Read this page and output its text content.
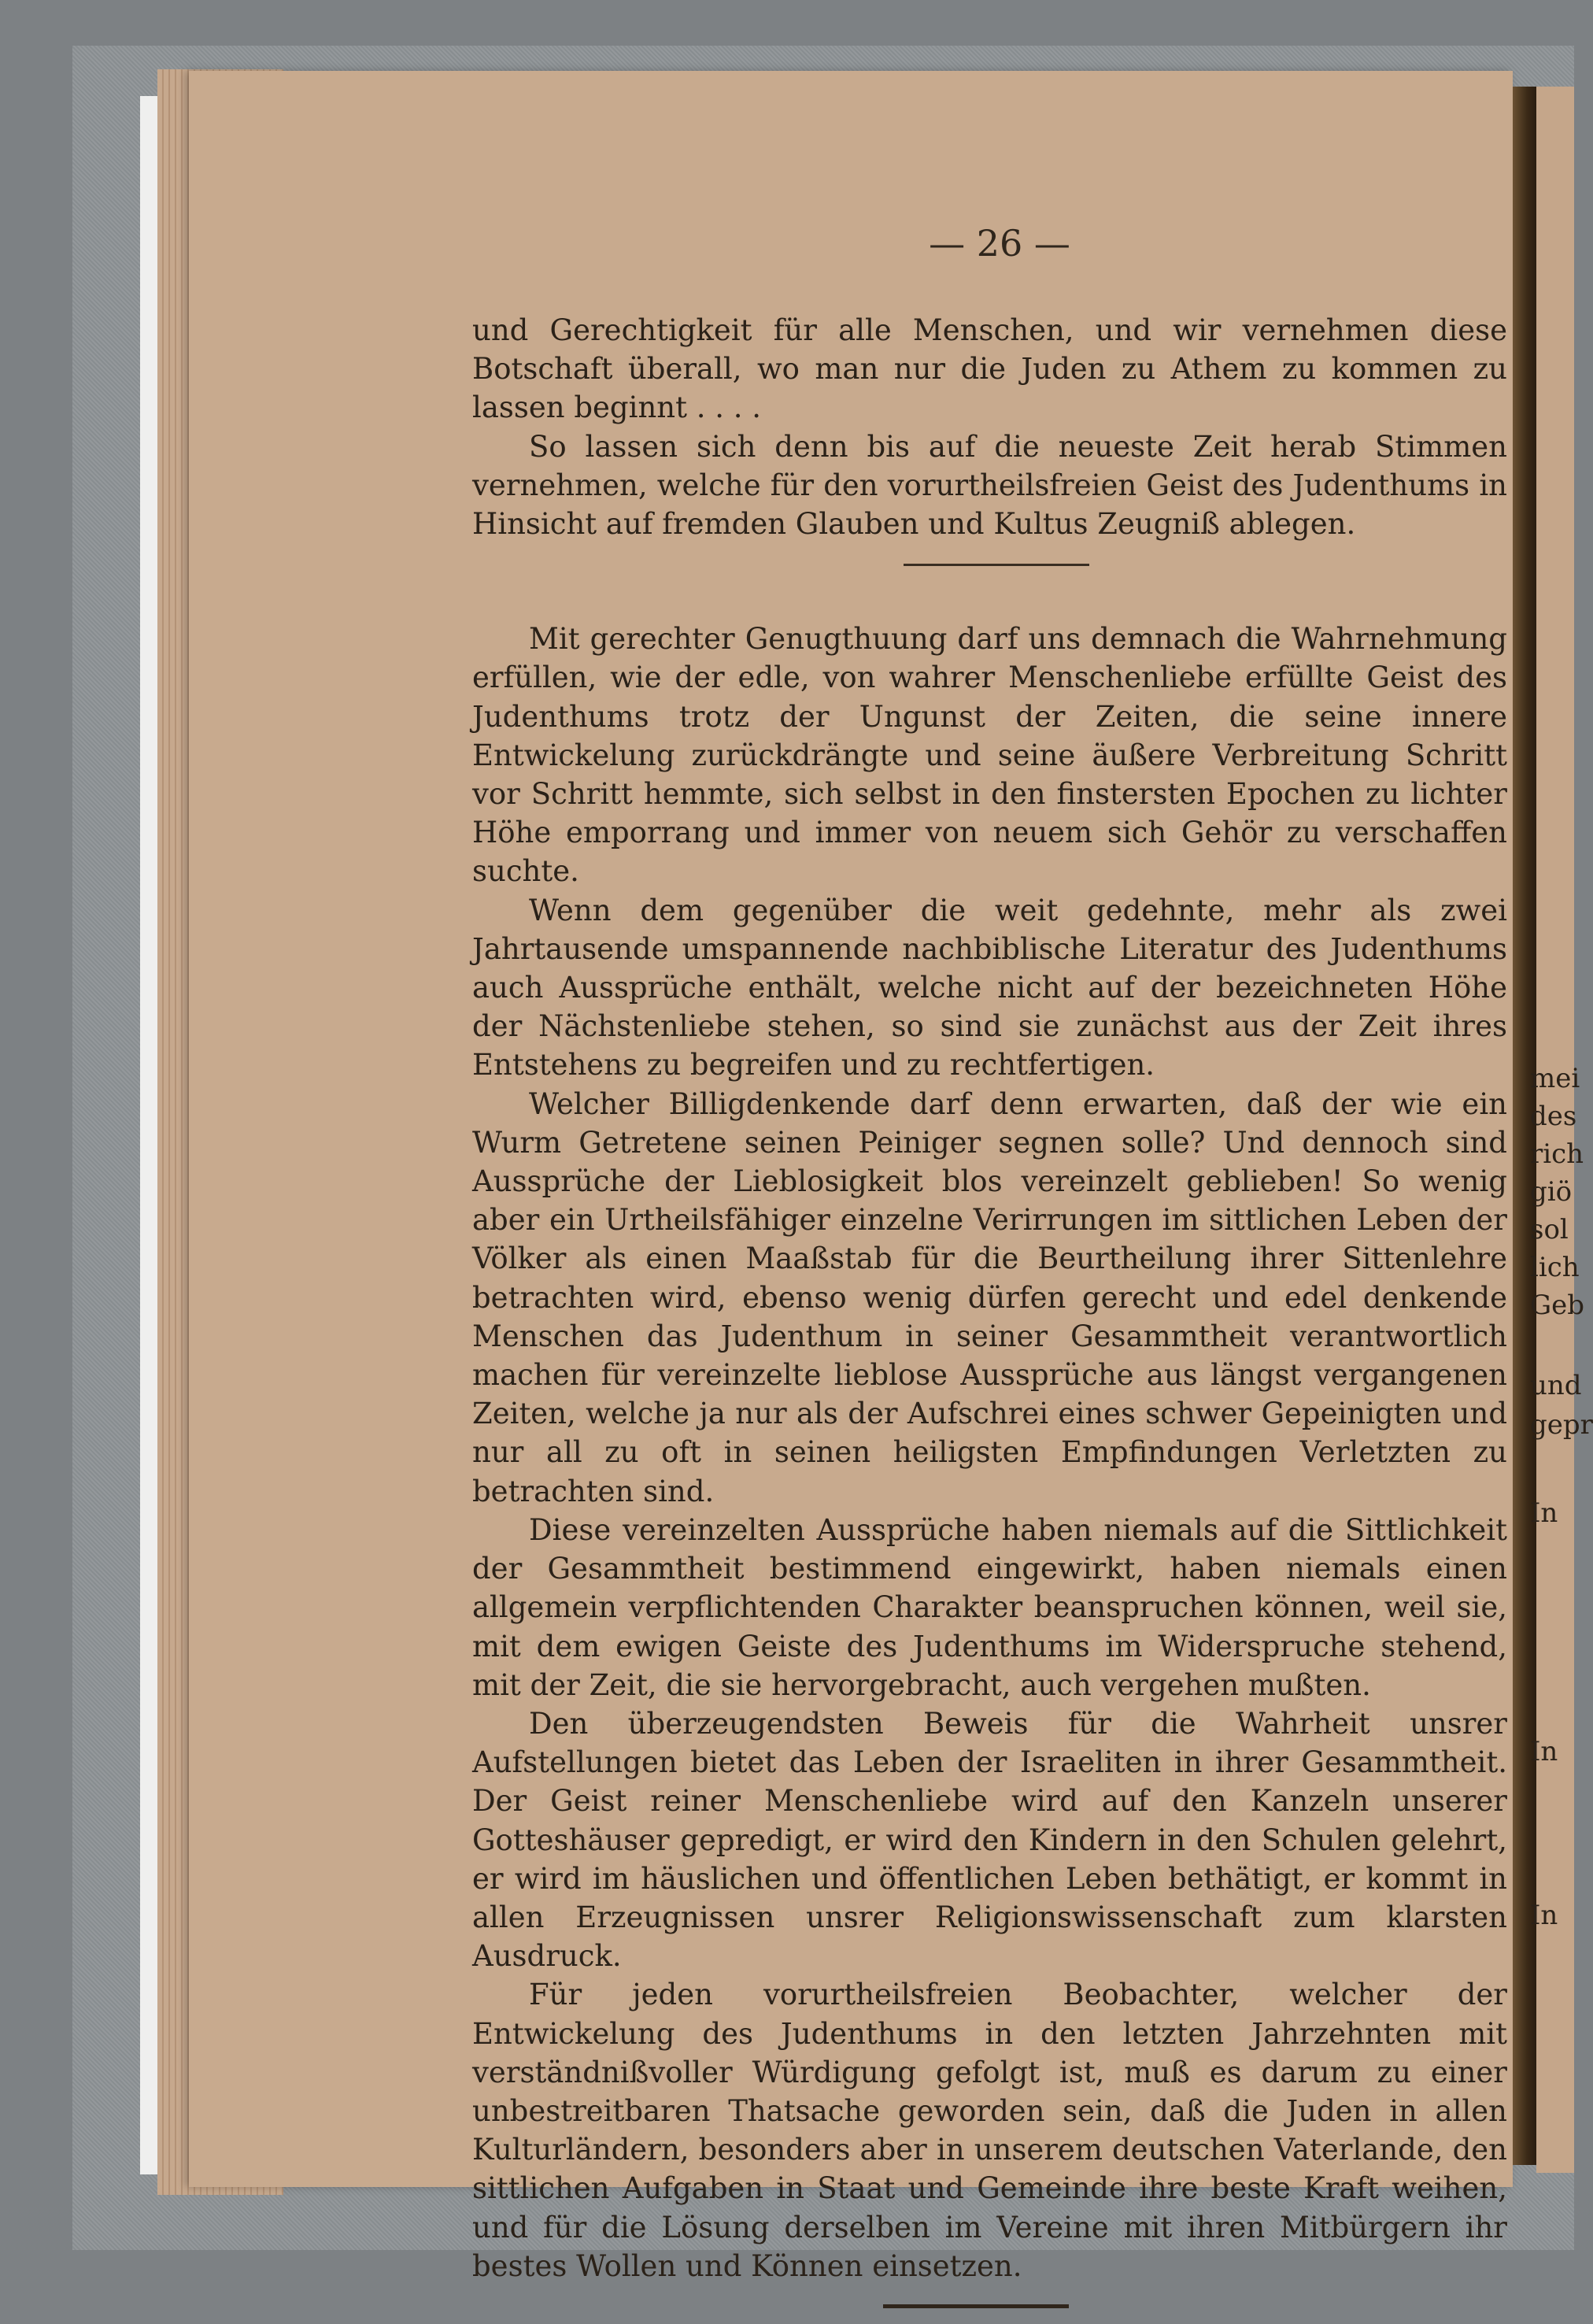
— 26 —

und Gerechtigkeit für alle Menschen, und wir vernehmen diese Botschaft überall, wo man nur die Juden zu Athem zu kommen zu lassen beginnt . . . .

So lassen sich denn bis auf die neueste Zeit herab Stimmen vernehmen, welche für den vorurtheilsfreien Geist des Judenthums in Hinsicht auf fremden Glauben und Kultus Zeugniß ablegen.

Mit gerechter Genugthuung darf uns demnach die Wahrnehmung erfüllen, wie der edle, von wahrer Menschenliebe erfüllte Geist des Judenthums trotz der Ungunst der Zeiten, die seine innere Entwickelung zurückdrängte und seine äußere Verbreitung Schritt vor Schritt hemmte, sich selbst in den finstersten Epochen zu lichter Höhe emporrang und immer von neuem sich Gehör zu verschaffen suchte.

Wenn dem gegenüber die weit gedehnte, mehr als zwei Jahrtausende umspannende nachbiblische Literatur des Judenthums auch Aussprüche enthält, welche nicht auf der bezeichneten Höhe der Nächstenliebe stehen, so sind sie zunächst aus der Zeit ihres Entstehens zu begreifen und zu rechtfertigen.

Welcher Billigdenkende darf denn erwarten, daß der wie ein Wurm Getretene seinen Peiniger segnen solle? Und dennoch sind Aussprüche der Lieblosigkeit blos vereinzelt geblieben! So wenig aber ein Urtheilsfähiger einzelne Verirrungen im sittlichen Leben der Völker als einen Maaßstab für die Beurtheilung ihrer Sittenlehre betrachten wird, ebenso wenig dürfen gerecht und edel denkende Menschen das Judenthum in seiner Gesammtheit verantwortlich machen für vereinzelte lieblose Aussprüche aus längst vergangenen Zeiten, welche ja nur als der Aufschrei eines schwer Gepeinigten und nur all zu oft in seinen heiligsten Empfindungen Verletzten zu betrachten sind.

Diese vereinzelten Aussprüche haben niemals auf die Sittlichkeit der Gesammtheit bestimmend eingewirkt, haben niemals einen allgemein verpflichtenden Charakter beanspruchen können, weil sie, mit dem ewigen Geiste des Judenthums im Widerspruche stehend, mit der Zeit, die sie hervorgebracht, auch vergehen mußten.

Den überzeugendsten Beweis für die Wahrheit unsrer Aufstellungen bietet das Leben der Israeliten in ihrer Gesammtheit. Der Geist reiner Menschenliebe wird auf den Kanzeln unserer Gotteshäuser gepredigt, er wird den Kindern in den Schulen gelehrt, er wird im häuslichen und öffentlichen Leben bethätigt, er kommt in allen Erzeugnissen unsrer Religionswissenschaft zum klarsten Ausdruck.

Für jeden vorurtheilsfreien Beobachter, welcher der Entwickelung des Judenthums in den letzten Jahrzehnten mit verständnißvoller Würdigung gefolgt ist, muß es darum zu einer unbestreitbaren Thatsache geworden sein, daß die Juden in allen Kulturländern, besonders aber in unserem deutschen Vaterlande, den sittlichen Aufgaben in Staat und Gemeinde ihre beste Kraft weihen, und für die Lösung derselben im Vereine mit ihren Mitbürgern ihr bestes Wollen und Können einsetzen.

mei
des
rich
giö
sol
lich
Geb
und
gepr
In
In
In
